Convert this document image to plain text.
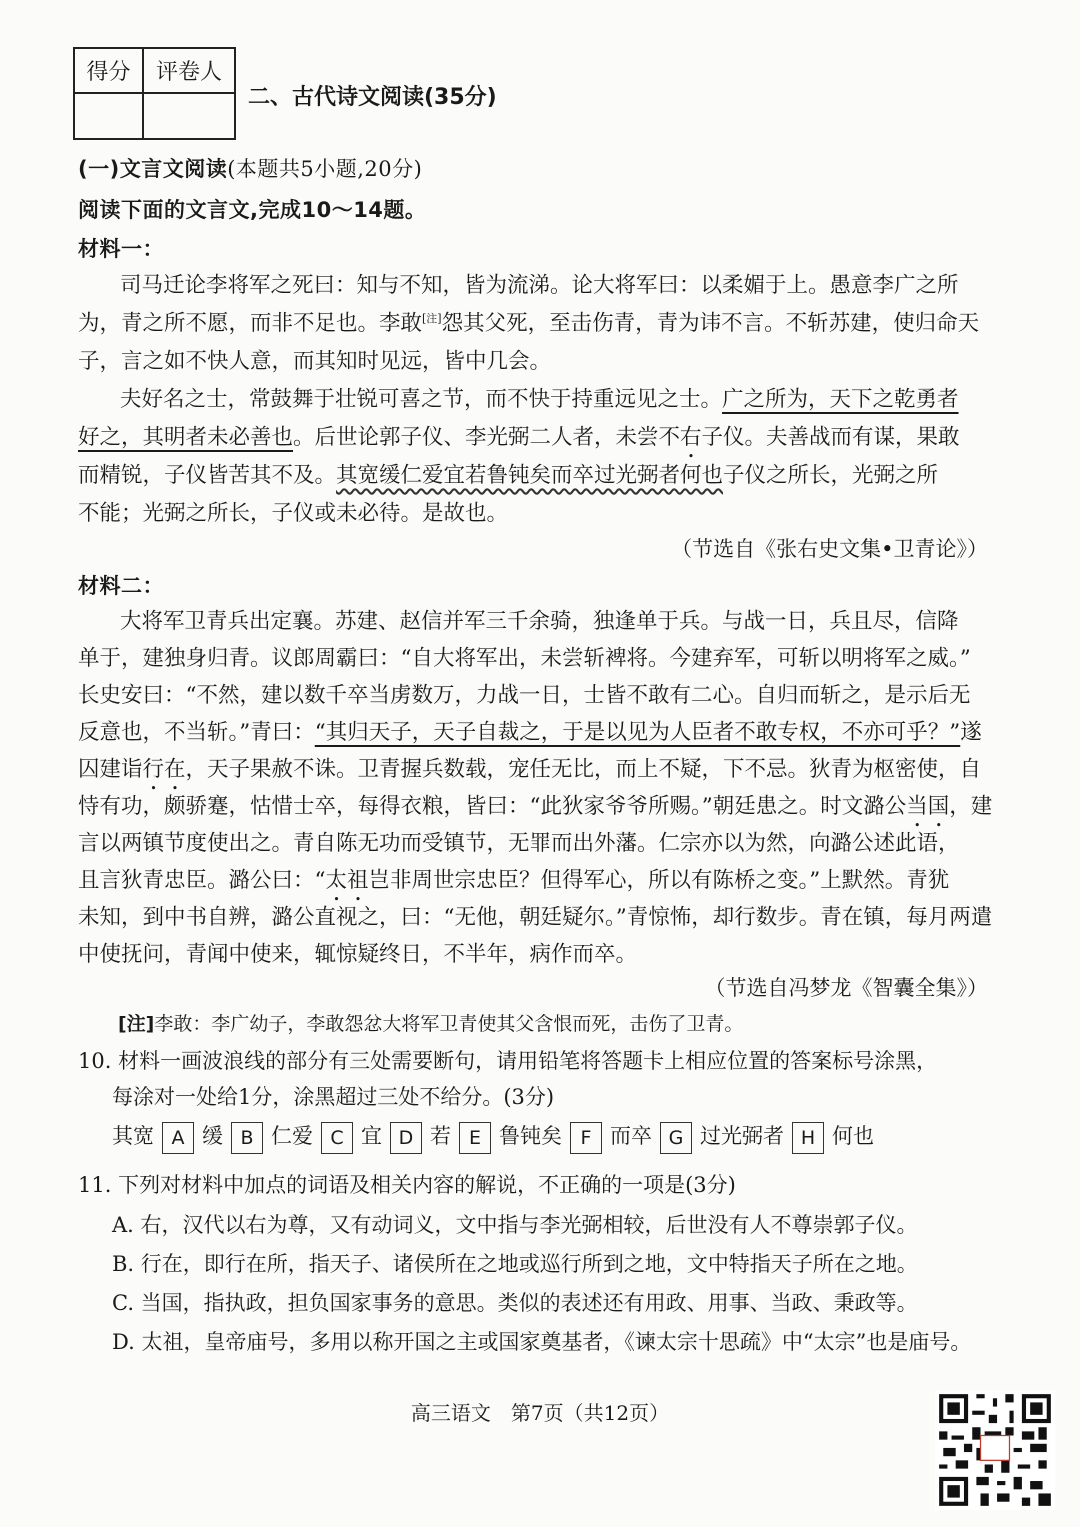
得分	评卷人
二、古代诗文阅读(35分)
(一)文言文阅读(本题共5小题,20分)
阅读下面的文言文,完成10～14题。
材料一：
司马迁论李将军之死曰：知与不知，皆为流涕。论大将军曰：以柔媚于上。愚意李广之所
为，青之所不愿，而非不足也。李敢[注]怨其父死，至击伤青，青为讳不言。不斩苏建，使归命天
子，言之如不快人意，而其知时见远，皆中几会。
夫好名之士，常鼓舞于壮锐可喜之节，而不快于持重远见之士。广之所为，天下之乾勇者
好之，其明者未必善也。后世论郭子仪、李光弼二人者，未尝不右子仪。夫善战而有谋，果敢
而精锐，子仪皆苦其不及。其宽缓仁爱宜若鲁钝矣而卒过光弼者何也子仪之所长，光弼之所
不能；光弼之所长，子仪或未必待。是故也。
（节选自《张右史文集•卫青论》）
材料二：
大将军卫青兵出定襄。苏建、赵信并军三千余骑，独逢单于兵。与战一日，兵且尽，信降
单于，建独身归青。议郎周霸曰：“自大将军出，未尝斩裨将。今建弃军，可斩以明将军之威。”
长史安曰：“不然，建以数千卒当虏数万，力战一日，士皆不敢有二心。自归而斩之，是示后无
反意也，不当斩。”青曰：“其归天子，天子自裁之，于是以见为人臣者不敢专权，不亦可乎？”遂
囚建诣行在，天子果赦不诛。卫青握兵数载，宠任无比，而上不疑，下不忌。狄青为枢密使，自
恃有功，颇骄蹇，怙惜士卒，每得衣粮，皆曰：“此狄家爷爷所赐。”朝廷患之。时文潞公当国，建
言以两镇节度使出之。青自陈无功而受镇节，无罪而出外藩。仁宗亦以为然，向潞公述此语，
且言狄青忠臣。潞公曰：“太祖岂非周世宗忠臣？但得军心，所以有陈桥之变。”上默然。青犹
未知，到中书自辨，潞公直视之，曰：“无他，朝廷疑尔。”青惊怖，却行数步。青在镇，每月两遣
中使抚问，青闻中使来，辄惊疑终日，不半年，病作而卒。
（节选自冯梦龙《智囊全集》）
[注]李敢：李广幼子，李敢怨忿大将军卫青使其父含恨而死，击伤了卫青。
10. 材料一画波浪线的部分有三处需要断句，请用铅笔将答题卡上相应位置的答案标号涂黑，
每涂对一处给1分，涂黑超过三处不给分。(3分)
其宽 A 缓 B 仁爱 C 宜 D 若 E 鲁钝矣 F 而卒 G 过光弼者 H 何也
11. 下列对材料中加点的词语及相关内容的解说，不正确的一项是(3分)
A. 右，汉代以右为尊，又有动词义，文中指与李光弼相较，后世没有人不尊崇郭子仪。
B. 行在，即行在所，指天子、诸侯所在之地或巡行所到之地，文中特指天子所在之地。
C. 当国，指执政，担负国家事务的意思。类似的表述还有用政、用事、当政、秉政等。
D. 太祖，皇帝庙号，多用以称开国之主或国家奠基者，《谏太宗十思疏》中“太宗”也是庙号。
高三语文　第7页（共12页）
